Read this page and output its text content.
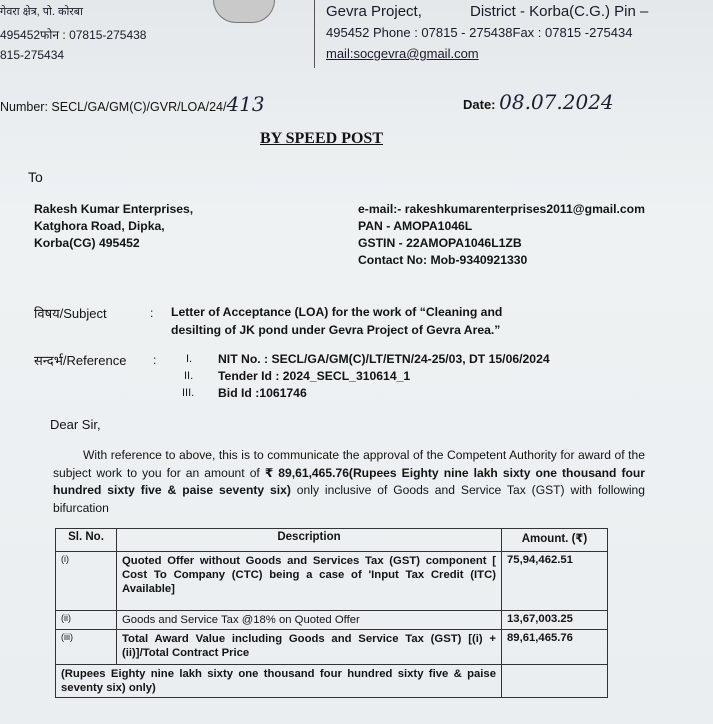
गेवरा क्षेत्र, पो. कोरबा
495452फोन : 07815-275438
815-275434
Gevra Project,	District - Korba(C.G.) Pin –
495452 Phone : 07815 - 275438Fax : 07815 -275434
mail:socgevra@gmail.com
Number: SECL/GA/GM(C)/GVR/LOA/24/413	Date: 08.07.2024
BY SPEED POST
To
Rakesh Kumar Enterprises,
Katghora Road, Dipka,
Korba(CG) 495452
e-mail:- rakeshkumarenterprises2011@gmail.com
PAN - AMOPA1046L
GSTIN - 22AMOPA1046L1ZB
Contact No: Mob-9340921330
विषय/Subject	: Letter of Acceptance (LOA) for the work of “Cleaning and
desilting of JK pond under Gevra Project of Gevra Area.”
सन्दर्भ/Reference :	I. NIT No. : SECL/GA/GM(C)/LT/ETN/24-25/03, DT 15/06/2024
II. Tender Id : 2024_SECL_310614_1
III. Bid Id :1061746
Dear Sir,
With reference to above, this is to communicate the approval of the Competent Authority for award of the subject work to you for an amount of ₹ 89,61,465.76(Rupees Eighty nine lakh sixty one thousand four hundred sixty five & paise seventy six) only inclusive of Goods and Service Tax (GST) with following bifurcation
Sl. No.	Description	Amount. (₹)
(i)	Quoted Offer without Goods and Services Tax (GST) component [ Cost To Company (CTC) being a case of 'Input Tax Credit (ITC) Available]	75,94,462.51
(ii)	Goods and Service Tax @18% on Quoted Offer	13,67,003.25
(iii)	Total Award Value including Goods and Service Tax (GST) [(i) + (ii)]/Total Contract Price	89,61,465.76
(Rupees Eighty nine lakh sixty one thousand four hundred sixty five & paise seventy six) only)		
